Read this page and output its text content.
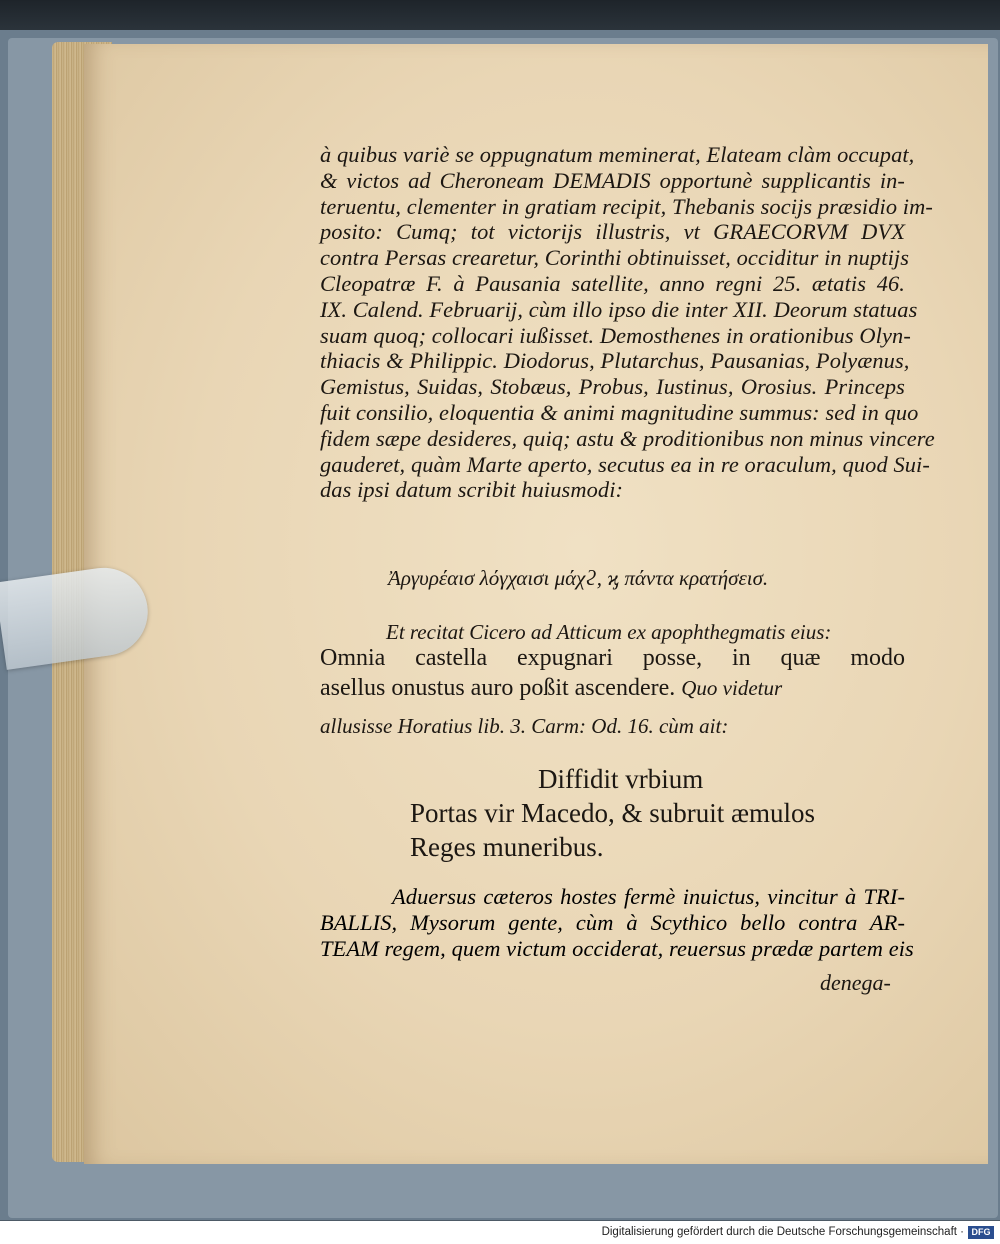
à quibus variè se oppugnatum meminerat, Elateam clàm occupat,
& victos ad Cheroneam DEMADIS opportunè supplicantis in-
teruentu, clementer in gratiam recipit, Thebanis socijs præsidio im-
posito: Cumq; tot victorijs illustris, vt GRAECORVM DVX
contra Persas crearetur, Corinthi obtinuisset, occiditur in nuptijs
Cleopatræ F. à Pausania satellite, anno regni 25. ætatis 46.
IX. Calend. Februarij, cùm illo ipso die inter XII. Deorum statuas
suam quoq; collocari iußisset. Demosthenes in orationibus Olyn-
thiacis & Philippic. Diodorus, Plutarchus, Pausanias, Polyænus,
Gemistus, Suidas, Stobæus, Probus, Iustinus, Orosius. Princeps
fuit consilio, eloquentia & animi magnitudine summus: sed in quo
fidem sæpe desideres, quiq; astu & proditionibus non minus vincere
gauderet, quàm Marte aperto, secutus ea in re oraculum, quod Sui-
das ipsi datum scribit huiusmodi:
Ἀργυρέαισ λόγχαισι μάχϩ, ϗ πάντα κρατήσεισ.
Et recitat Cicero ad Atticum ex apophthegmatis eius:
Omnia castella expugnari posse, in quæ modo
asellus onustus auro poßit ascendere. Quo videtur
allusisse Horatius lib. 3. Carm: Od. 16. cùm ait:
Diffidit vrbium
Portas vir Macedo, & subruit æmulos
Reges muneribus.
Aduersus cæteros hostes fermè inuictus, vincitur à TRI-
BALLIS, Mysorum gente, cùm à Scythico bello contra AR-
TEAM regem, quem victum occiderat, reuersus prædæ partem eis
denega-
Digitalisierung gefördert durch die Deutsche Forschungsgemeinschaft · DFG
